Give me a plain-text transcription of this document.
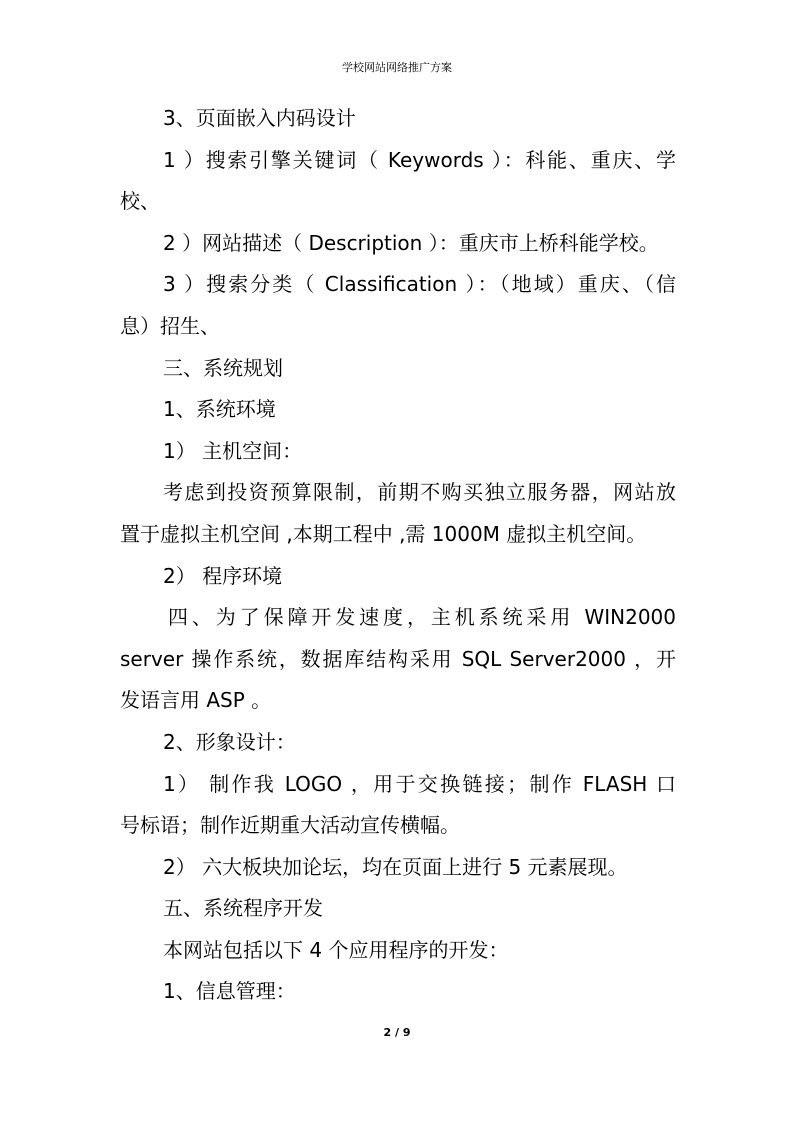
学校网站网络推广方案
3、页面嵌入内码设计
1 ）搜索引擎关键词（ Keywords ）：科能、重庆、学
校、
2 ）网站描述（ Description ）：重庆市上桥科能学校。
3 ）搜索分类（ Classification ）：（地域）重庆、（信
息）招生、
三、系统规划
1、系统环境
1） 主机空间：
考虑到投资预算限制，前期不购买独立服务器，网站放
置于虚拟主机空间 ,本期工程中 ,需 1000M 虚拟主机空间。
2） 程序环境
四、为了保障开发速度，主机系统采用 WIN2000
server 操作系统，数据库结构采用 SQL Server2000 ，开
发语言用 ASP 。
2、形象设计：
1） 制作我 LOGO ，用于交换链接；制作 FLASH 口
号标语；制作近期重大活动宣传横幅。
2） 六大板块加论坛，均在页面上进行 5 元素展现。
五、系统程序开发
本网站包括以下 4 个应用程序的开发：
1、信息管理：
2 / 9
